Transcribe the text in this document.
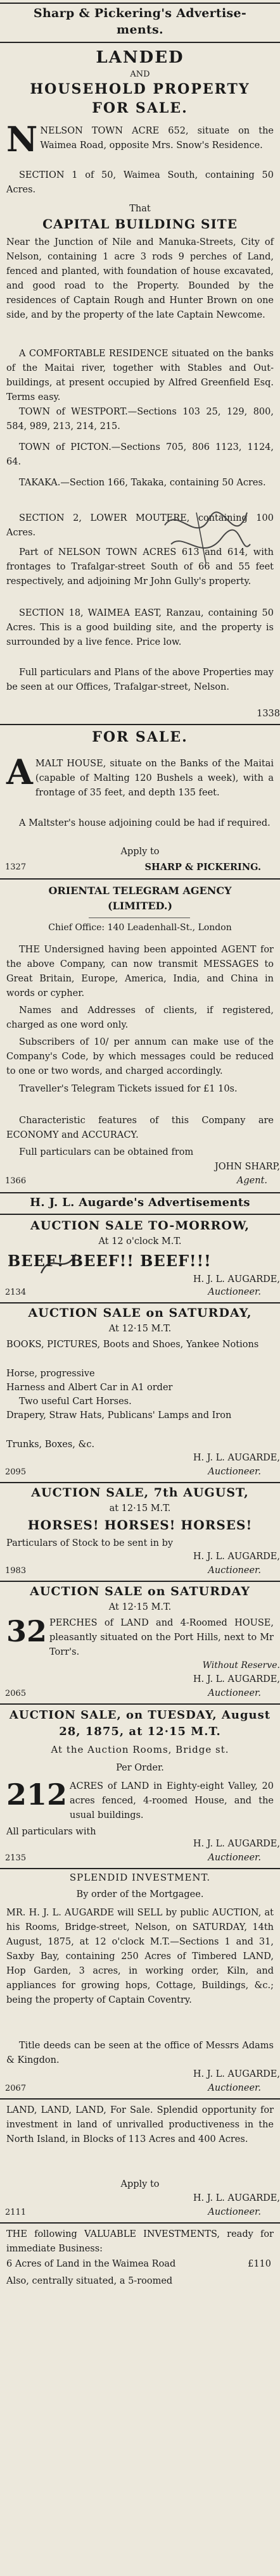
Sharp & Pickering's Advertise- ments.
LANDED
AND
HOUSEHOLD PROPERTY
FOR SALE.
NNELSON TOWN ACRE 652, situate on the Waimea Road, opposite Mrs. Snow's Residence.
SECTION 1 of 50, Waimea South, containing 50 Acres.
That
CAPITAL BUILDING SITE
Near the Junction of Nile and Manuka-Streets, City of Nelson, containing 1 acre 3 rods 9 perches of Land, fenced and planted, with foundation of house excavated, and good road to the Property. Bounded by the residences of Captain Rough and Hunter Brown on one side, and by the property of the late Captain Newcome.
A COMFORTABLE RESIDENCE situated on the banks of the Maitai river, together with Stables and Out-buildings, at present occupied by Alfred Greenfield Esq. Terms easy.
TOWN of WESTPORT.—Sections 103 25, 129, 800, 584, 989, 213, 214, 215.
TOWN of PICTON.—Sections 705, 806 1123, 1124, 64.
TAKAKA.—Section 166, Takaka, containing 50 Acres.
SECTION 2, LOWER MOUTERE, containing 100 Acres.
Part of NELSON TOWN ACRES 613 and 614, with frontages to Trafalgar-street South of 66 and 55 feet respectively, and adjoining Mr John Gully's property.
SECTION 18, WAIMEA EAST, Ranzau, containing 50 Acres. This is a good building site, and the property is surrounded by a live fence. Price low.
Full particulars and Plans of the above Properties may be seen at our Offices, Trafalgar-street, Nelson.
1338
FOR SALE.
AMALT HOUSE, situate on the Banks of the Maitai (capable of Malting 120 Bushels a week), with a frontage of 35 feet, and depth 135 feet.
A Maltster's house adjoining could be had if required.
Apply to
1327	SHARP & PICKERING.
ORIENTAL TELEGRAM AGENCY (LIMITED.)
Chief Office: 140 Leadenhall-St., London
THE Undersigned having been appointed AGENT for the above Company, can now transmit MESSAGES to Great Britain, Europe, America, India, and China in words or cypher.
Names and Addresses of clients, if registered, charged as one word only.
Subscribers of 10/ per annum can make use of the Company's Code, by which messages could be reduced to one or two words, and charged accordingly.
Traveller's Telegram Tickets issued for £1 10s.
Characteristic features of this Company are ECONOMY and ACCURACY.
Full particulars can be obtained from
JOHN SHARP,
1366	Agent.
H. J. L. Augarde's Advertisements
AUCTION SALE TO-MORROW,
At 12 o'clock M.T.
BEEF! BEEF!! BEEF!!!
H. J. L. AUGARDE,
2134	Auctioneer.
AUCTION SALE on SATURDAY,
At 12·15 M.T.
BOOKS, PICTURES, Boots and Shoes, Yankee Notions
Horse, progressive
Harness and Albert Car in A1 order
Two useful Cart Horses.
Drapery, Straw Hats, Publicans' Lamps and Iron
Trunks, Boxes, &c.
H. J. L. AUGARDE,
2095	Auctioneer.
AUCTION SALE, 7th AUGUST,
at 12·15 M.T.
HORSES! HORSES! HORSES!
Particulars of Stock to be sent in by
H. J. L. AUGARDE,
1983	Auctioneer.
AUCTION SALE on SATURDAY
At 12·15 M.T.
32 PERCHES of LAND and 4-Roomed HOUSE, pleasantly situated on the Port Hills, next to Mr Torr's.
Without Reserve.
H. J. L. AUGARDE,
2065	Auctioneer.
AUCTION SALE, on TUESDAY, August 28, 1875, at 12·15 M.T.
At the Auction Rooms, Bridge st.
Per Order.
212 ACRES of LAND in Eighty-eight Valley, 20 acres fenced, 4-roomed House, and the usual buildings.
All particulars with
H. J. L. AUGARDE,
2135	Auctioneer.
SPLENDID INVESTMENT.
By order of the Mortgagee.
MR. H. J. L. AUGARDE will SELL by public AUCTION, at his Rooms, Bridge-street, Nelson, on SATURDAY, 14th August, 1875, at 12 o'clock M.T.—Sections 1 and 31, Saxby Bay, containing 250 Acres of Timbered LAND, Hop Garden, 3 acres, in working order, Kiln, and appliances for growing hops, Cottage, Buildings, &c.; being the property of Captain Coventry.
Title deeds can be seen at the office of Messrs Adams & Kingdon.
H. J. L. AUGARDE,
2067	Auctioneer.
LAND, LAND, LAND, For Sale. Splendid opportunity for investment in land of unrivalled productiveness in the North Island, in Blocks of 113 Acres and 400 Acres.
Apply to
H. J. L. AUGARDE,
2111	Auctioneer.
THE following VALUABLE INVESTMENTS, ready for immediate Business:
6 Acres of Land in the Waimea Road	£110
Also, centrally situated, a 5-roomed
